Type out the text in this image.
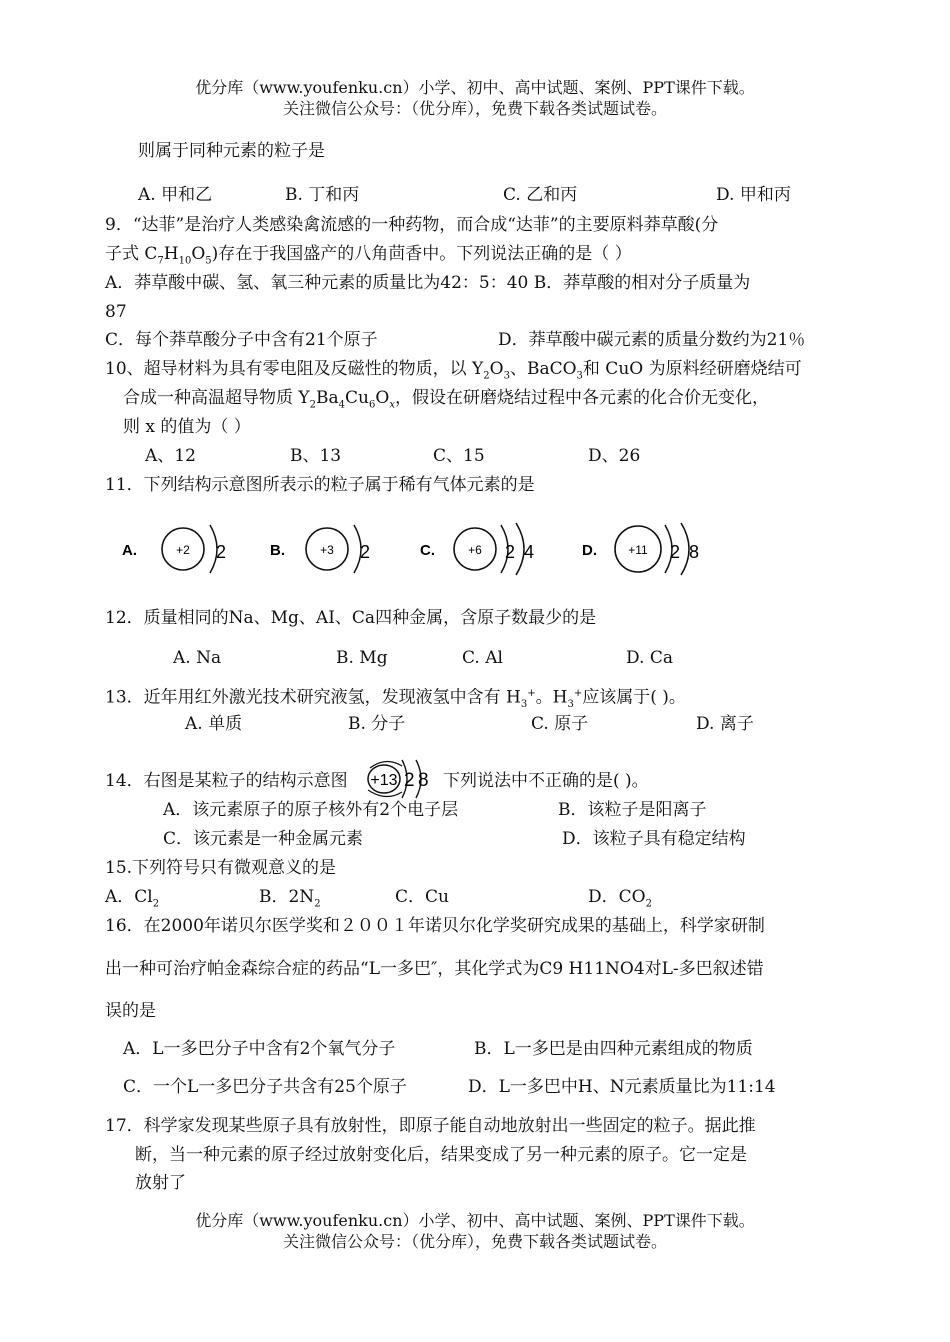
优分库（www.youfenku.cn）小学、初中、高中试题、案例、PPT课件下载。
关注微信公众号：（优分库），免费下载各类试题试卷。
则属于同种元素的粒子是
A. 甲和乙	B. 丁和丙	C. 乙和丙	D. 甲和丙
9．“达菲”是治疗人类感染禽流感的一种药物，而合成“达菲”的主要原料莽草酸(分
子式 $C_7H_{10}O_5$)存在于我国盛产的八角茴香中。下列说法正确的是（ ）
A．莽草酸中碳、氢、氧三种元素的质量比为42：5：40 B．莽草酸的相对分子质量为
87
C．每个莽草酸分子中含有21个原子	D．莽草酸中碳元素的质量分数约为21％
10、超导材料为具有零电阻及反磁性的物质，以 $Y_2O_3$、BaCO$_3$和 CuO 为原料经研磨烧结可
合成一种高温超导物质 $Y_2Ba_4Cu_6O_x$，假设在研磨烧结过程中各元素的化合价无变化，
则 x 的值为（ ）
A、12	B、13	C、15	D、26
11．下列结构示意图所表示的粒子属于稀有气体元素的是
A.	+2 2	B.	+3 2	C.	+6 2 4	D.	+11 2 8
12．质量相同的Na、Mg、AI、Ca四种金属，含原子数最少的是
A. Na	B. Mg	C. Al	D. Ca
13．近年用红外激光技术研究液氢，发现液氢中含有 $H_3^+$。$H_3^+$应该属于( )。
A. 单质	B. 分子	C. 原子	D. 离子
14．右图是某粒子的结构示意图 +13 2 8 下列说法中不正确的是( )。
A．该元素原子的原子核外有2个电子层	B．该粒子是阳离子
C．该元素是一种金属元素	D．该粒子具有稳定结构
15.下列符号只有微观意义的是
A．$Cl_2$	B．$2N_2$	C．Cu	D．$CO_2$
16．在2000年诺贝尔医学奖和２００１年诺贝尔化学奖研究成果的基础上，科学家研制
出一种可治疗帕金森综合症的药品“L一多巴″，其化学式为C9 H11NO4对L-多巴叙述错
误的是
A．L一多巴分子中含有2个氧气分子	B．L一多巴是由四种元素组成的物质
C．一个L一多巴分子共含有25个原子	D．L一多巴中H、N元素质量比为11:14
17．科学家发现某些原子具有放射性，即原子能自动地放射出一些固定的粒子。据此推
断，当一种元素的原子经过放射变化后，结果变成了另一种元素的原子。它一定是
放射了
优分库（www.youfenku.cn）小学、初中、高中试题、案例、PPT课件下载。
关注微信公众号：（优分库），免费下载各类试题试卷。
